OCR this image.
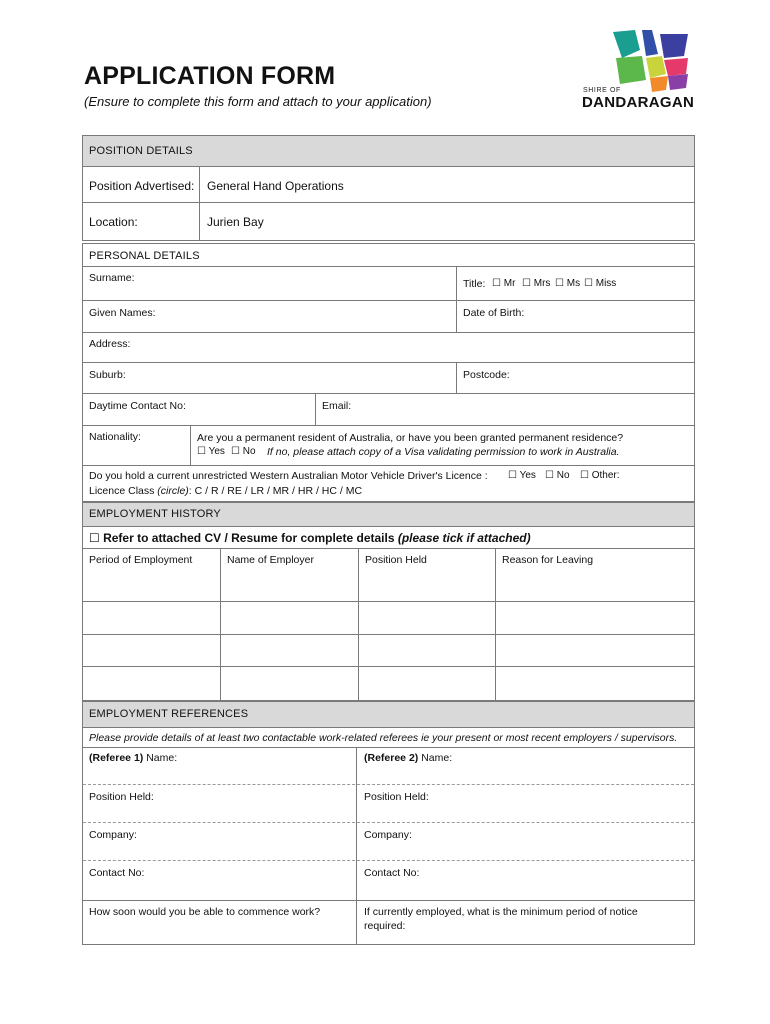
APPLICATION FORM
(Ensure to complete this form and attach to your application)
SHIRE OF
DANDARAGAN
POSITION DETAILS
Position Advertised: General Hand Operations
Location:	Jurien Bay
PERSONAL DETAILS
Surname:	Title: ☐ Mr ☐ Mrs ☐ Ms ☐ Miss
Given Names:	Date of Birth:
Address:
Suburb:	Postcode:
Daytime Contact No:	Email:
Nationality:	Are you a permanent resident of Australia, or have you been granted permanent residence?
☐ Yes ☐ No If no, please attach copy of a Visa validating permission to work in Australia.
Do you hold a current unrestricted Western Australian Motor Vehicle Driver's Licence : ☐ Yes ☐ No ☐ Other:
Licence Class (circle): C / R / RE / LR / MR / HR / HC / MC
EMPLOYMENT HISTORY
☐ Refer to attached CV / Resume for complete details (please tick if attached)
Period of Employment	Name of Employer	Position Held	Reason for Leaving
EMPLOYMENT REFERENCES
Please provide details of at least two contactable work-related referees ie your present or most recent employers / supervisors.
(Referee 1) Name:	(Referee 2) Name:
Position Held:	Position Held:
Company:	Company:
Contact No:	Contact No:
How soon would you be able to commence work?	If currently employed, what is the minimum period of notice
required:
